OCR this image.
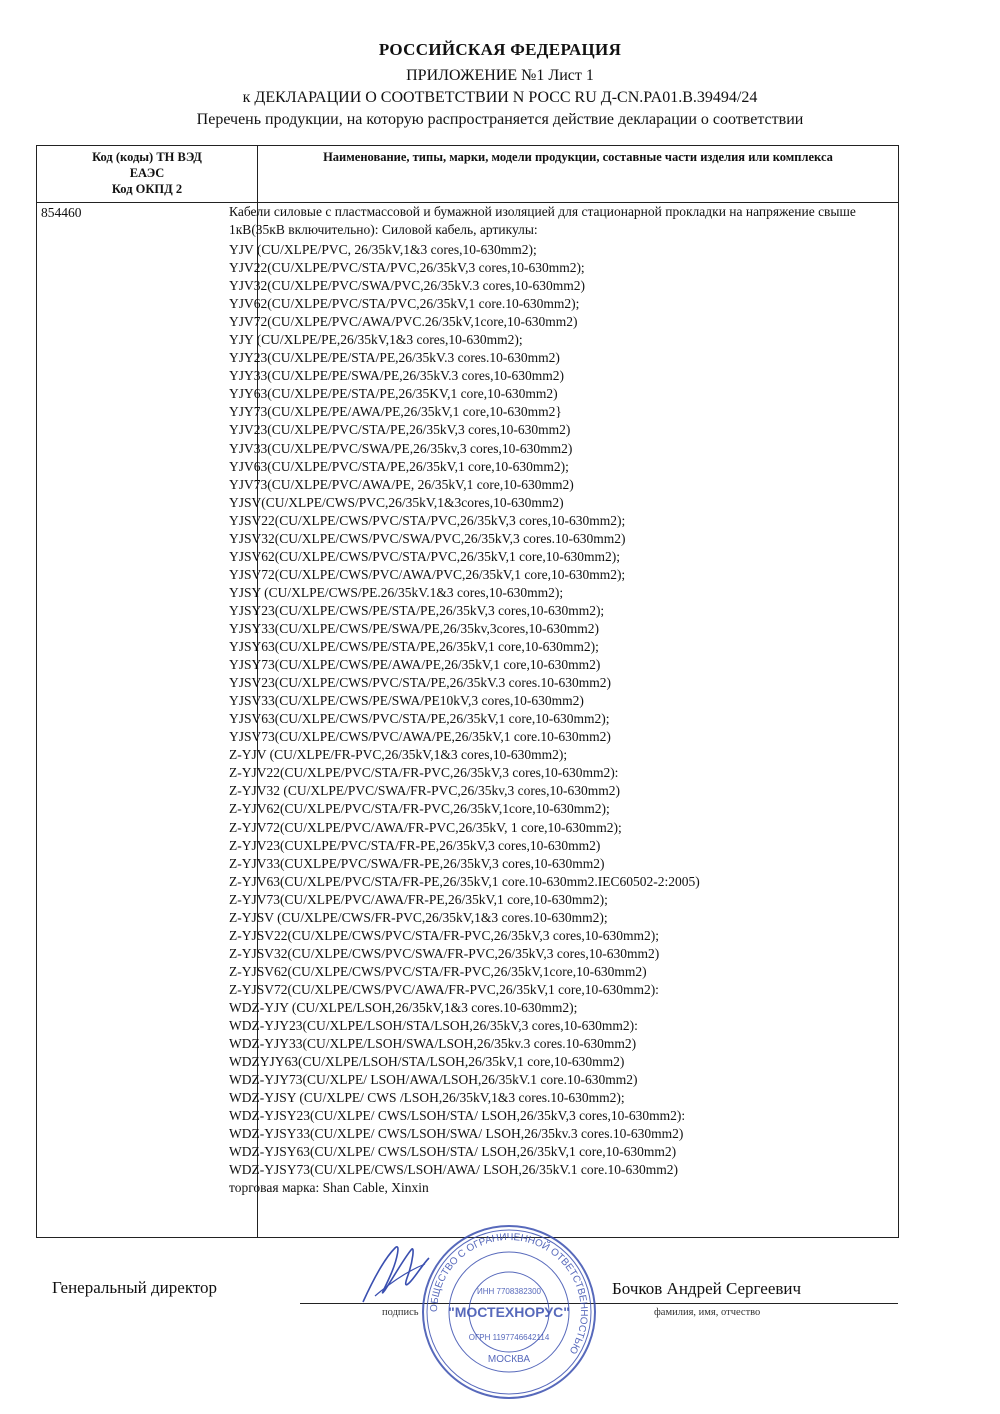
РОССИЙСКАЯ ФЕДЕРАЦИЯ
ПРИЛОЖЕНИЕ №1 Лист 1
к ДЕКЛАРАЦИИ О СООТВЕТСТВИИ N РОСС RU Д-CN.PA01.B.39494/24
Перечень продукции, на которую распространяется действие декларации о соответствии
Код (коды) ТН ВЭД
ЕАЭС
Код ОКПД 2
Наименование, типы, марки, модели продукции, составные части изделия или комплекса
854460	Кабели силовые с пластмассовой и бумажной изоляцией для стационарной прокладки на напряжение свыше 1кВ(35кВ включительно): Силовой кабель, артикулы:
YJV (CU/XLPE/PVC, 26/35kV,1&3 cores,10-630mm2);
YJV22(CU/XLPE/PVC/STA/PVC,26/35kV,3 cores,10-630mm2);
YJV32(CU/XLPE/PVC/SWA/PVC,26/35kV.3 cores,10-630mm2)
YJV62(CU/XLPE/PVC/STA/PVC,26/35kV,1 core.10-630mm2);
YJV72(CU/XLPE/PVC/AWA/PVC.26/35kV,1core,10-630mm2)
YJY (CU/XLPE/PE,26/35kV,1&3 cores,10-630mm2);
YJY23(CU/XLPE/PE/STA/PE,26/35kV.3 cores.10-630mm2)
YJY33(CU/XLPE/PE/SWA/PE,26/35kV.3 cores,10-630mm2)
YJY63(CU/XLPE/PE/STA/PE,26/35KV,1 core,10-630mm2)
YJY73(CU/XLPE/PE/AWA/PE,26/35kV,1 core,10-630mm2}
YJV23(CU/XLPE/PVC/STA/PE,26/35kV,3 cores,10-630mm2)
YJV33(CU/XLPE/PVC/SWA/PE,26/35kv,3 cores,10-630mm2)
YJV63(CU/XLPE/PVC/STA/PE,26/35kV,1 core,10-630mm2);
YJV73(CU/XLPE/PVC/AWA/PE, 26/35kV,1 core,10-630mm2)
YJSV(CU/XLPE/CWS/PVC,26/35kV,1&3cores,10-630mm2)
YJSV22(CU/XLPE/CWS/PVC/STA/PVC,26/35kV,3 cores,10-630mm2);
YJSV32(CU/XLPE/CWS/PVC/SWA/PVC,26/35kV,3 cores.10-630mm2)
YJSV62(CU/XLPE/CWS/PVC/STA/PVC,26/35kV,1 core,10-630mm2);
YJSV72(CU/XLPE/CWS/PVC/AWA/PVC,26/35kV,1 core,10-630mm2);
YJSY (CU/XLPE/CWS/PE.26/35kV.1&3 cores,10-630mm2);
YJSY23(CU/XLPE/CWS/PE/STA/PE,26/35kV,3 cores,10-630mm2);
YJSY33(CU/XLPE/CWS/PE/SWA/PE,26/35kv,3cores,10-630mm2)
YJSY63(CU/XLPE/CWS/PE/STA/PE,26/35kV,1 core,10-630mm2);
YJSY73(CU/XLPE/CWS/PE/AWA/PE,26/35kV,1 core,10-630mm2)
YJSV23(CU/XLPE/CWS/PVC/STA/PE,26/35kV.3 cores.10-630mm2)
YJSV33(CU/XLPE/CWS/PE/SWA/PE10kV,3 cores,10-630mm2)
YJSV63(CU/XLPE/CWS/PVC/STA/PE,26/35kV,1 core,10-630mm2);
YJSV73(CU/XLPE/CWS/PVC/AWA/PE,26/35kV,1 core.10-630mm2)
Z-YJV (CU/XLPE/FR-PVC,26/35kV,1&3 cores,10-630mm2);
Z-YJV22(CU/XLPE/PVC/STA/FR-PVC,26/35kV,3 cores,10-630mm2):
Z-YJV32 (CU/XLPE/PVC/SWA/FR-PVC,26/35kv,3 cores,10-630mm2)
Z-YJV62(CU/XLPE/PVC/STA/FR-PVC,26/35kV,1core,10-630mm2);
Z-YJV72(CU/XLPE/PVC/AWA/FR-PVC,26/35kV, 1 core,10-630mm2);
Z-YJV23(CUXLPE/PVC/STA/FR-PE,26/35kV,3 cores,10-630mm2)
Z-YJV33(CUXLPE/PVC/SWA/FR-PE,26/35kV,3 cores,10-630mm2)
Z-YJV63(CU/XLPE/PVC/STA/FR-PE,26/35kV,1 core.10-630mm2.IEC60502-2:2005)
Z-YJV73(CU/XLPE/PVC/AWA/FR-PE,26/35kV,1 core,10-630mm2);
Z-YJSV (CU/XLPE/CWS/FR-PVC,26/35kV,1&3 cores.10-630mm2);
Z-YJSV22(CU/XLPE/CWS/PVC/STA/FR-PVC,26/35kV,3 cores,10-630mm2);
Z-YJSV32(CU/XLPE/CWS/PVC/SWA/FR-PVC,26/35kV,3 cores,10-630mm2)
Z-YJSV62(CU/XLPE/CWS/PVC/STA/FR-PVC,26/35kV,1core,10-630mm2)
Z-YJSV72(CU/XLPE/CWS/PVC/AWA/FR-PVC,26/35kV,1 core,10-630mm2):
WDZ-YJY (CU/XLPE/LSOH,26/35kV,1&3 cores.10-630mm2);
WDZ-YJY23(CU/XLPE/LSOH/STA/LSOH,26/35kV,3 cores,10-630mm2):
WDZ-YJY33(CU/XLPE/LSOH/SWA/LSOH,26/35kv.3 cores.10-630mm2)
WDZYJY63(CU/XLPE/LSOH/STA/LSOH,26/35kV,1 core,10-630mm2)
WDZ-YJY73(CU/XLPE/ LSOH/AWA/LSOH,26/35kV.1 core.10-630mm2)
WDZ-YJSY (CU/XLPE/ CWS /LSOH,26/35kV,1&3 cores.10-630mm2);
WDZ-YJSY23(CU/XLPE/ CWS/LSOH/STA/ LSOH,26/35kV,3 cores,10-630mm2):
WDZ-YJSY33(CU/XLPE/ CWS/LSOH/SWA/ LSOH,26/35kv.3 cores.10-630mm2)
WDZ-YJSY63(CU/XLPE/ CWS/LSOH/STA/ LSOH,26/35kV,1 core,10-630mm2)
WDZ-YJSY73(CU/XLPE/CWS/LSOH/AWA/ LSOH,26/35kV.1 core.10-630mm2)
торговая марка: Shan Cable, Xinxin
Генеральный директор
подпись
Бочков Андрей Сергеевич
фамилия, имя, отчество
ОБЩЕСТВО С ОГРАНИЧЕННОЙ ОТВЕТСТВЕННОСТЬЮ
ИНН 7708382300
"МОСТЕХНОРУС"
ОГРН 1197746642114
МОСКВА
